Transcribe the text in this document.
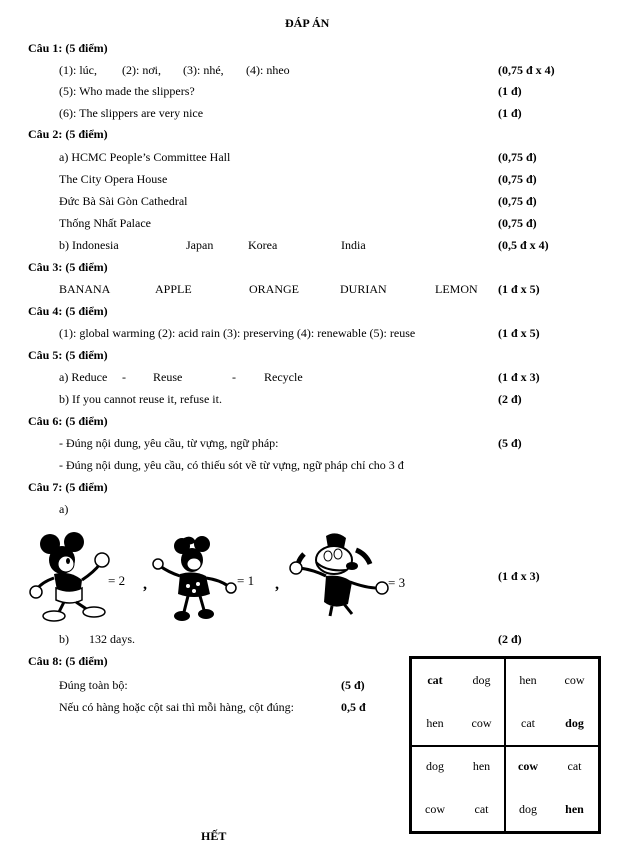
ĐÁP ÁN
Câu 1: (5 điểm)
(1): lúc, (2): nơi, (3): nhé, (4): nheo	(0,75 đ x 4)
(5): Who made the slippers?	(1 đ)
(6): The slippers are very nice	(1 đ)
Câu 2: (5 điểm)
a) HCMC People’s Committee Hall	(0,75 đ)
The City Opera House	(0,75 đ)
Đức Bà Sài Gòn Cathedral	(0,75 đ)
Thống Nhất Palace	(0,75 đ)
b) Indonesia	Japan	Korea	India	(0,5 đ x 4)
Câu 3: (5 điểm)
BANANA	APPLE	ORANGE	DURIAN	LEMON (1 đ x 5)
Câu 4: (5 điểm)
(1): global warming (2): acid rain (3): preserving (4): renewable (5): reuse	(1 đ x 5)
Câu 5: (5 điểm)
a) Reduce - Reuse	- Recycle	(1 đ x 3)
b) If you cannot reuse it, refuse it.	(2 đ)
Câu 6: (5 điểm)
- Đúng nội dung, yêu cầu, từ vựng, ngữ pháp:	(5 đ)
- Đúng nội dung, yêu cầu, có thiếu sót về từ vựng, ngữ pháp chỉ cho 3 đ
Câu 7: (5 điểm)
a)
= 2 ,	= 1 ,	= 3	(1 đ x 3)
b) 132 days.	(2 đ)
Câu 8: (5 điểm)
Đúng toàn bộ:	(5 đ)
Nếu có hàng hoặc cột sai thì mỗi hàng, cột đúng:	0,5 đ
cat	dog	hen	cow
hen	cow	cat	dog
dog	hen	cow	cat
cow	cat	dog	hen
HẾT
